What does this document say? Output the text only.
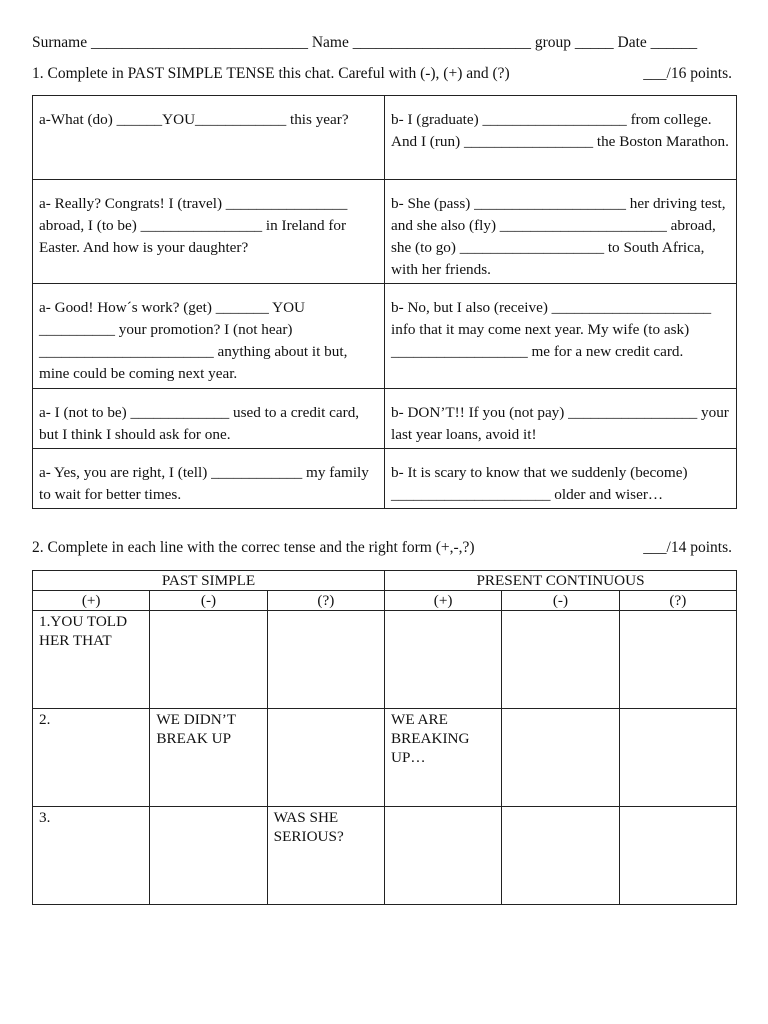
Surname ____________________________ Name _______________________ group _____ Date ______
1. Complete in PAST SIMPLE TENSE this chat. Careful with (-), (+) and (?)	___/16 points.
a-What (do) ______YOU____________ this year?	b- I (graduate) ___________________ from college. And I (run) _________________ the Boston Marathon.
a- Really? Congrats! I (travel) ________________ abroad, I (to be) ________________ in Ireland for Easter. And how is your daughter?	b- She (pass) ____________________ her driving test, and she also (fly) ______________________ abroad, she (to go) ___________________ to South Africa, with her friends.
a- Good! How´s work? (get) _______ YOU __________ your promotion? I (not hear) _______________________ anything about it but, mine could be coming next year.	b- No, but I also (receive) _____________________ info that it may come next year. My wife (to ask) __________________ me for a new credit card.
a- I (not to be) _____________ used to a credit card, but I think I should ask for one.	b- DON’T!! If you (not pay) _________________ your last year loans, avoid it!
a- Yes, you are right, I (tell) ____________ my family to wait for better times.	b- It is scary to know that we suddenly (become) _____________________ older and wiser…
2. Complete in each line with the correc tense and the right form (+,-,?)	___/14 points.
PAST SIMPLE			PRESENT CONTINUOUS		
(+)	(-)	(?)	(+)	(-)	(?)
1.YOU TOLD HER THAT					
2.	WE DIDN’T BREAK UP		WE ARE BREAKING UP…		
3.		WAS SHE SERIOUS?			
